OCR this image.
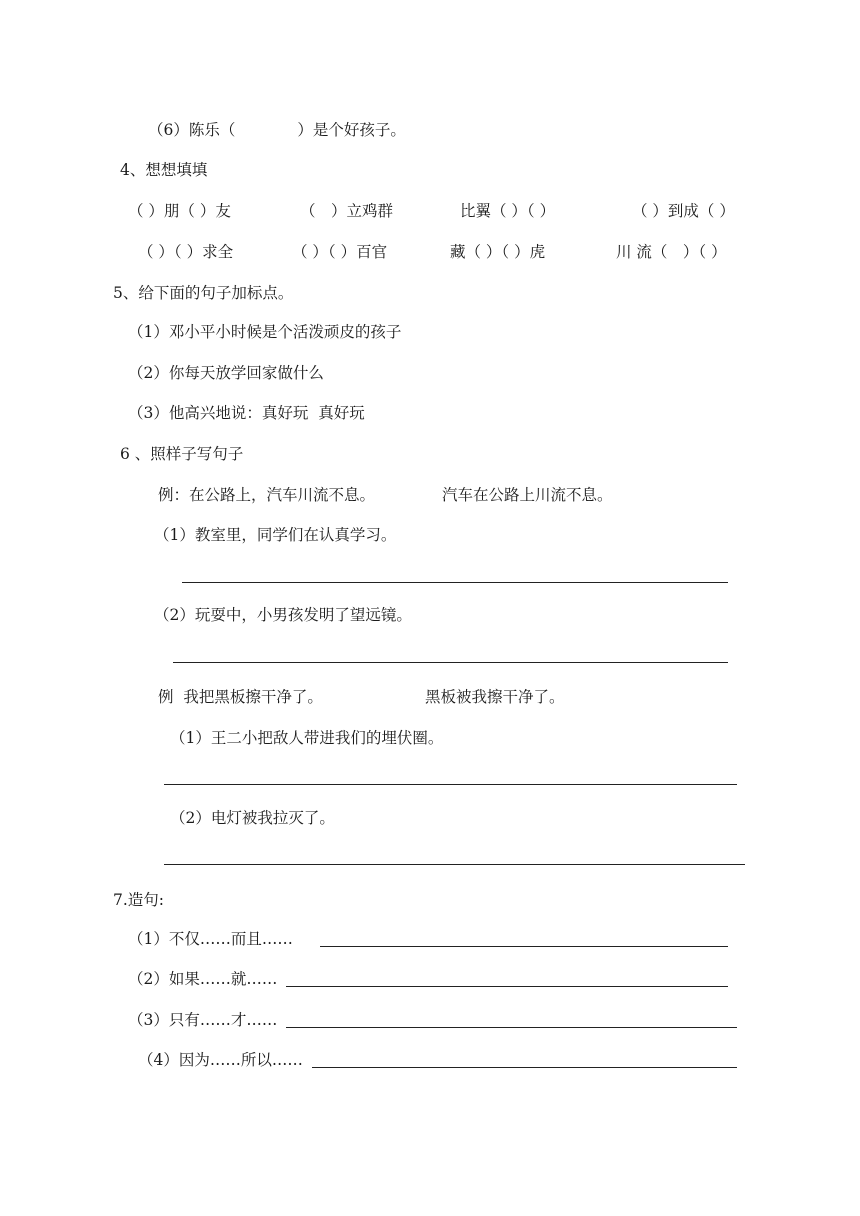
（6）陈乐（　　　　）是个好孩子。
4、想想填填
（ ）朋（ ）友	（　）立鸡群	比翼（ ）（ ）	（ ）到成（ ）
（ ）（ ）求全	（ ）（ ）百官	藏（ ）（ ）虎	川 流（　）（ ）
5、给下面的句子加标点。
（1）邓小平小时候是个活泼顽皮的孩子
（2）你每天放学回家做什么
（3）他高兴地说：真好玩  真好玩
6 、照样子写句子
例：在公路上，汽车川流不息。	汽车在公路上川流不息。
（1）教室里，同学们在认真学习。
（2）玩耍中，小男孩发明了望远镜。
例  我把黑板擦干净了。	黑板被我擦干净了。
（1）王二小把敌人带进我们的埋伏圈。
（2）电灯被我拉灭了。
7.造句:
（1）不仅……而且……
（2）如果……就……
（3）只有……才……
（4）因为……所以……
